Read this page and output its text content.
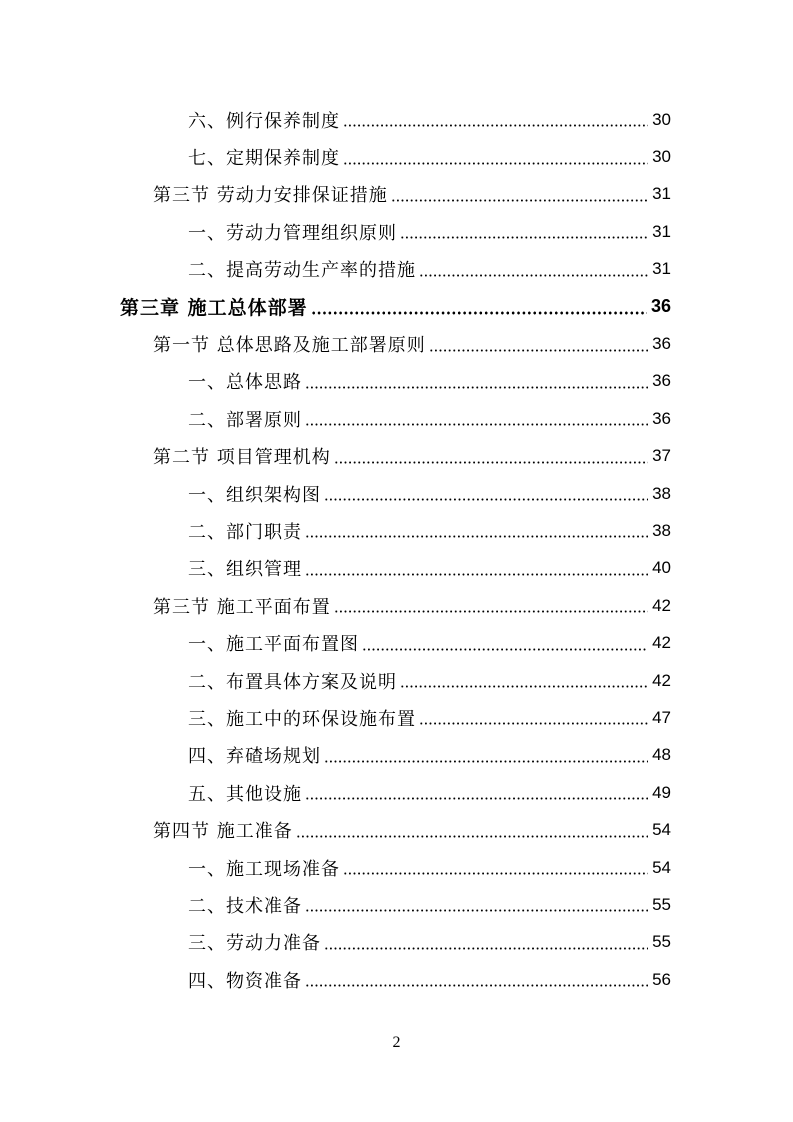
六、例行保养制度	30
七、定期保养制度	30
第三节 劳动力安排保证措施	31
一、劳动力管理组织原则	31
二、提高劳动生产率的措施	31
第三章 施工总体部署	36
第一节 总体思路及施工部署原则	36
一、总体思路	36
二、部署原则	36
第二节 项目管理机构	37
一、组织架构图	38
二、部门职责	38
三、组织管理	40
第三节 施工平面布置	42
一、施工平面布置图	42
二、布置具体方案及说明	42
三、施工中的环保设施布置	47
四、弃碴场规划	48
五、其他设施	49
第四节 施工准备	54
一、施工现场准备	54
二、技术准备	55
三、劳动力准备	55
四、物资准备	56
2
